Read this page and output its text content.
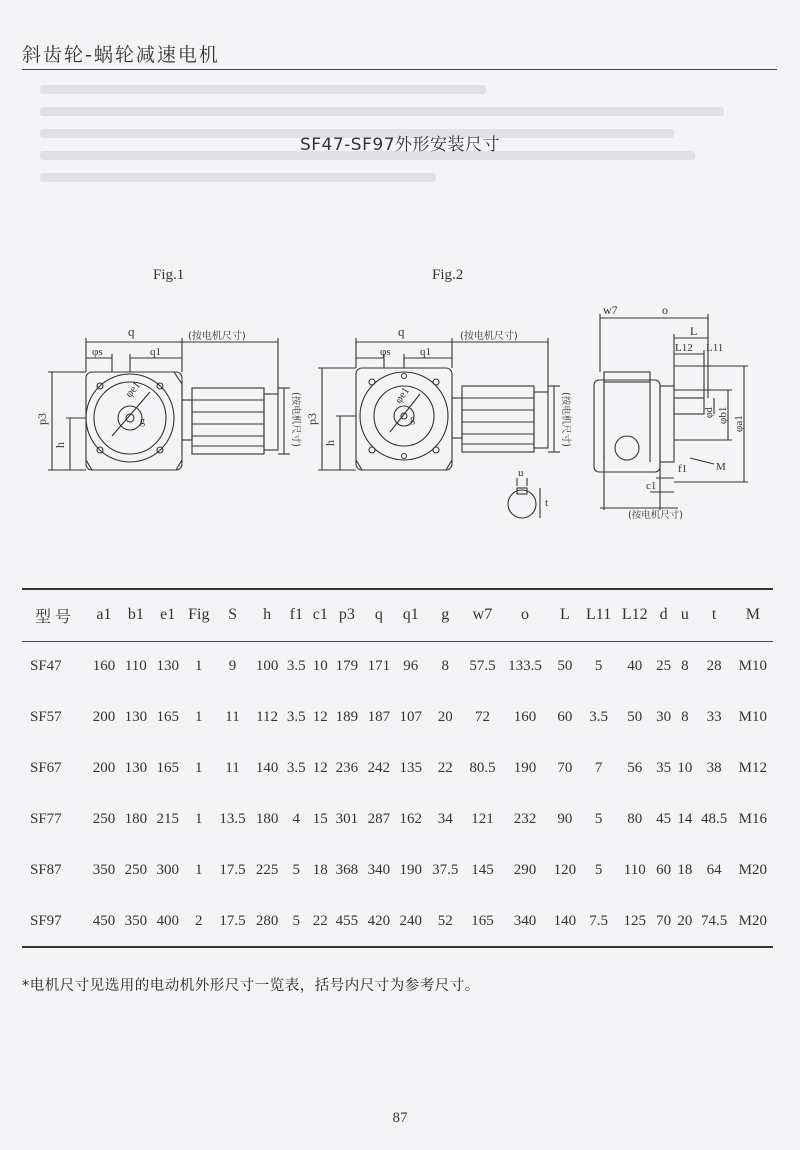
斜齿轮-蜗轮减速电机
SF47-SF97外形安装尺寸
Fig.1	Fig.2
q	(按电机尺寸)
φs	q1
p3
h
φe1
g	(按电机尺寸)
q	(按电机尺寸)
φs	q1
p3
h
φe1
g	(按电机尺寸)
u
t
w7	o
L
L12 L11
φd φb1 φa1
M
f1
c1
(按电机尺寸)
型号	a1	b1	e1	Fig	S	h	f1	c1	p3	q	q1	g	w7	o	L	L11	L12	d	u	t	M
SF47	160	110	130	1	9	100	3.5	10	179	171	96	8	57.5	133.5	50	5	40	25	8	28	M10
SF57	200	130	165	1	11	112	3.5	12	189	187	107	20	72	160	60	3.5	50	30	8	33	M10
SF67	200	130	165	1	11	140	3.5	12	236	242	135	22	80.5	190	70	7	56	35	10	38	M12
SF77	250	180	215	1	13.5	180	4	15	301	287	162	34	121	232	90	5	80	45	14	48.5	M16
SF87	350	250	300	1	17.5	225	5	18	368	340	190	37.5	145	290	120	5	110	60	18	64	M20
SF97	450	350	400	2	17.5	280	5	22	455	420	240	52	165	340	140	7.5	125	70	20	74.5	M20
*电机尺寸见选用的电动机外形尺寸一览表，括号内尺寸为参考尺寸。
87
